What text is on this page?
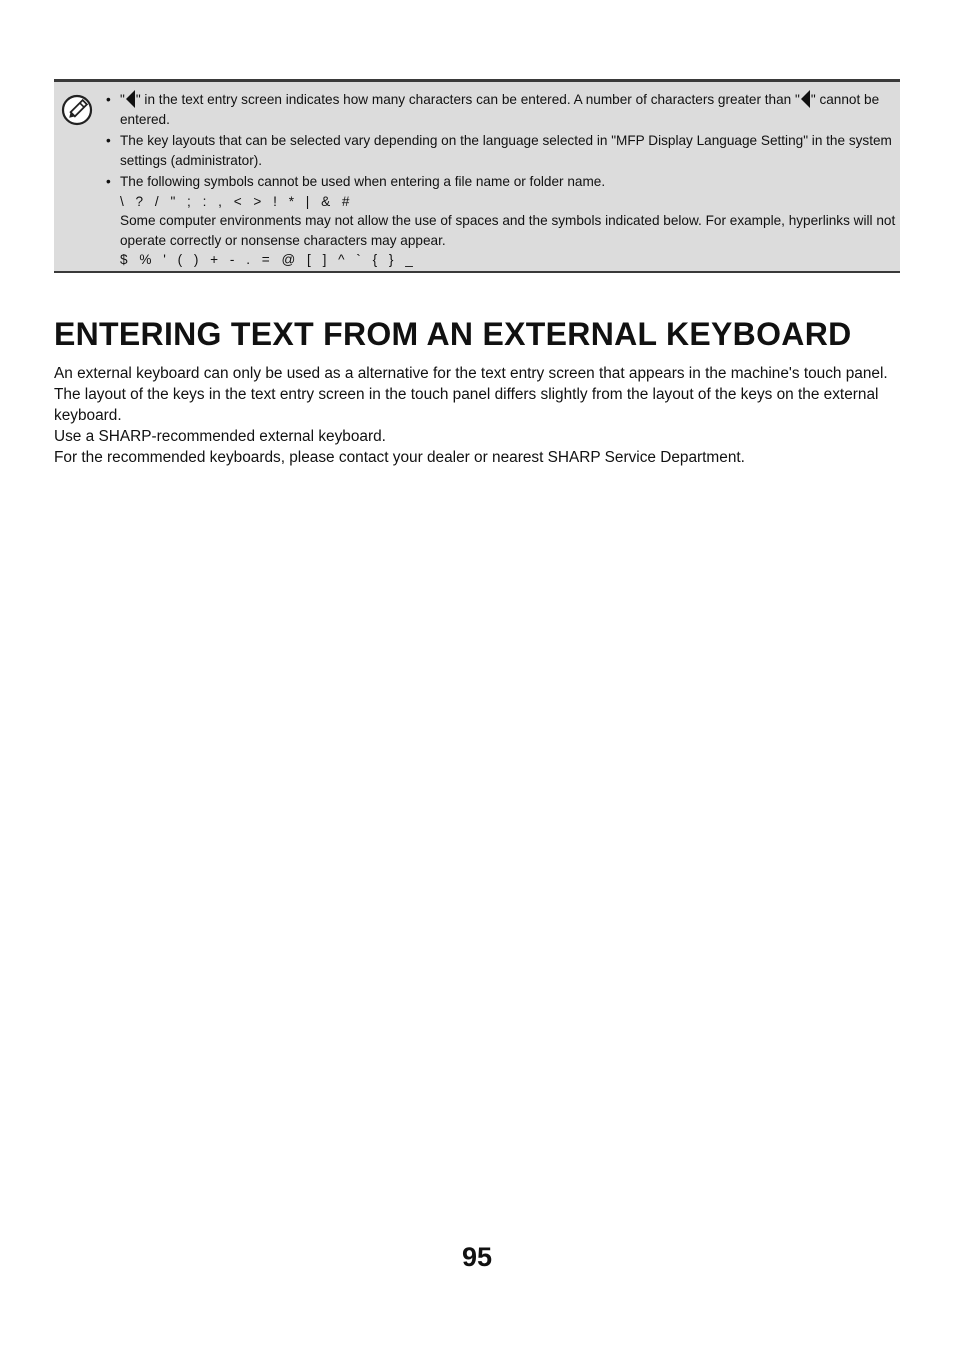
• " " in the text entry screen indicates how many characters can be entered. A number of characters greater than " " cannot be entered.
• The key layouts that can be selected vary depending on the language selected in "MFP Display Language Setting" in the system settings (administrator).
• The following symbols cannot be used when entering a file name or folder name.
\ ? / " ; : , < > ! * | & #
Some computer environments may not allow the use of spaces and the symbols indicated below. For example, hyperlinks will not operate correctly or nonsense characters may appear.
$ % ' ( ) + - . = @ [ ] ^ ` { } _
ENTERING TEXT FROM AN EXTERNAL KEYBOARD

An external keyboard can only be used as a alternative for the text entry screen that appears in the machine's touch panel.

The layout of the keys in the text entry screen in the touch panel differs slightly from the layout of the keys on the external keyboard.

Use a SHARP-recommended external keyboard.

For the recommended keyboards, please contact your dealer or nearest SHARP Service Department.

95
